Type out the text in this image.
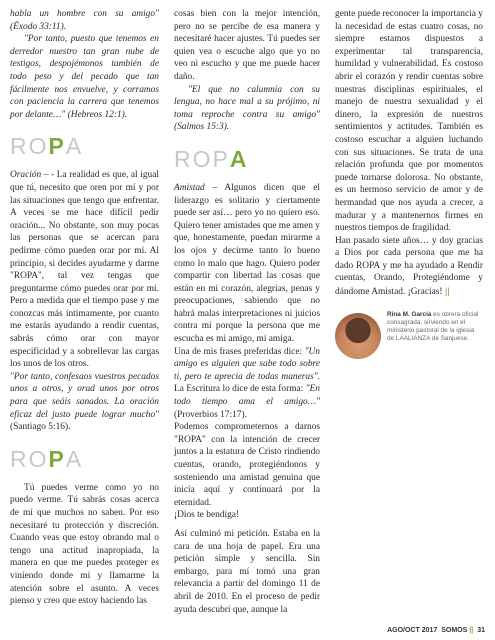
habla un hombre con su amigo" (Éxodo 33:11).

"Por tanto, puesto que tenemos en derredor nuestro tan gran nube de testigos, despojémonos también de todo peso y del pecado que tan fácilmente nos envuelve, y corramos con paciencia la carrera que tenemos por delante…" (Hebreos 12:1).

ROPA

Oración – - La realidad es que, al igual que tú, necesito que oren por mí y por las situaciones que tengo que enfrentar. A veces se me hace difícil pedir oración... No obstante, son muy pocas las personas que se acercan para pedirme cómo pueden orar por mí. Al principio, si decides ayudarme y darme "ROPA", tal vez tengas que preguntarme cómo puedes orar por mí. Pero a medida que el tiempo pase y me conozcas más íntimamente, por cuanto me estarás ayudando a rendir cuentas, sabrás cómo orar con mayor especificidad y a sobrellevar las cargas los unos de los otros.

"Por tanto, confesaos vuestros pecados unos a otros, y orad unos por otros para que seáis sanados. La oración eficaz del justo puede lograr mucho" (Santiago 5:16).

ROPA

Tú puedes verme como yo no puedo verme. Tú sabrás cosas acerca de mí que muchos no saben. Por eso necesitaré tu protección y discreción. Cuando veas que estoy obrando mal o tengo una actitud inapropiada, la manera en que me puedes proteger es viniendo donde mí y llamarme la atención sobre el asunto. A veces pienso y creo que estoy haciendo las

cosas bien con la mejor intención, pero no se percibe de esa manera y necesitaré hacer ajustes. Tú puedes ser quien vea o escuche algo que yo no veo ni escucho y que me puede hacer daño.

"El que no calumnia con su lengua, no hace mal a su prójimo, ni toma reproche contra su amigo" (Salmos 15:3).

ROPA

Amistad – Algunos dicen que el liderazgo es solitario y ciertamente puede ser así… pero yo no quiero eso. Quiero tener amistades que me amen y que, honestamente, puedan mirarme a los ojos y decirme tanto lo bueno como lo malo que hago. Quiero poder compartir con libertad las cosas que están en mi corazón, alegrías, penas y preocupaciones, sabiendo que no habrá malas interpretaciones ni juicios contra mí porque la persona que me escucha es mi amigo, mi amiga.

Una de mis frases preferidas dice: "Un amigo es alguien que sabe todo sobre ti, pero te aprecia de todas maneras". La Escritura lo dice de esta forma: "En todo tiempo ama el amigo…" (Proverbios 17:17).

Podemos comprometernos a darnos "ROPA" con la intención de crecer juntos a la estatura de Cristo rindiendo cuentas, orando, protegiéndonos y sosteniendo una amistad genuina que inicia aquí y continuará por la eternidad.

¡Dios te bendiga!

Así culminó mi petición. Estaba en la cara de una hoja de papel. Era una petición simple y sencilla. Sin embargo, para mí tomó una gran relevancia a partir del domingo 11 de abril de 2010. En el proceso de pedir ayuda descubrí que, aunque la

gente puede reconocer la importancia y la necesidad de estas cuatro cosas, no siempre estamos dispuestos a experimentar tal transparencia, humildad y vulnerabilidad. Es costoso abrir el corazón y rendir cuentas sobre nuestras disciplinas espirituales, el manejo de nuestra sexualidad y el dinero, la expresión de nuestros sentimientos y actitudes. También es costoso escuchar a alguien luchando con sus situaciones. Se trata de una relación profunda que por momentos puede tornarse dolorosa. No obstante, es un hermoso servicio de amor y de hermandad que nos ayuda a crecer, a madurar y a mantenernos firmes en nuestros tiempos de fragilidad.

Han pasado siete años… y doy gracias a Dios por cada persona que me ha dado ROPA y me ha ayudado a Rendir cuentas, Orando, Protegiéndome y dándome Amistad. ¡Gracias! ||

Rina M. García es obrera oficial consagrada, sirviendo en el ministerio pastoral de la iglesia de LAALIANZA de Sanjuese.
AGO/OCT 2017 SOMOS || 31
